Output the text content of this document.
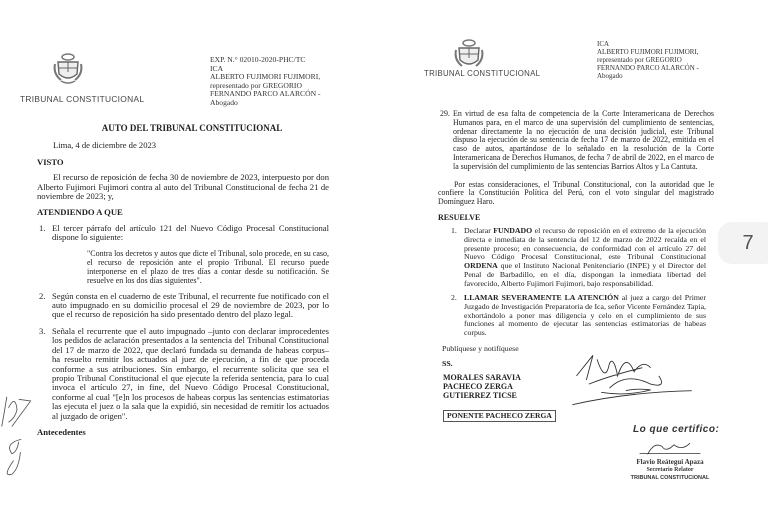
TRIBUNAL CONSTITUCIONAL
EXP. N.° 02010-2020-PHC/TC
ICA
ALBERTO FUJIMORI FUJIMORI,
representado por GREGORIO
FERNANDO PARCO ALARCÓN -
Abogado
AUTO DEL TRIBUNAL CONSTITUCIONAL
Lima, 4 de diciembre de 2023
VISTO
El recurso de reposición de fecha 30 de noviembre de 2023, interpuesto por don Alberto Fujimori Fujimori contra al auto del Tribunal Constitucional de fecha 21 de noviembre de 2023; y,
ATENDIENDO A QUE
1. El tercer párrafo del artículo 121 del Nuevo Código Procesal Constitucional dispone lo siguiente:
"Contra los decretos y autos que dicte el Tribunal, solo procede, en su caso, el recurso de reposición ante el propio Tribunal. El recurso puede interponerse en el plazo de tres días a contar desde su notificación. Se resuelve en los dos días siguientes".
2. Según consta en el cuaderno de este Tribunal, el recurrente fue notificado con el auto impugnado en su domicilio procesal el 29 de noviembre de 2023, por lo que el recurso de reposición ha sido presentado dentro del plazo legal.
3. Señala el recurrente que el auto impugnado –junto con declarar improcedentes los pedidos de aclaración presentados a la sentencia del Tribunal Constitucional del 17 de marzo de 2022, que declaró fundada su demanda de habeas corpus– ha resuelto remitir los actuados al juez de ejecución, a fin de que proceda conforme a sus atribuciones. Sin embargo, el recurrente solicita que sea el propio Tribunal Constitucional el que ejecute la referida sentencia, para lo cual invoca el artículo 27, in fine, del Nuevo Código Procesal Constitucional, conforme al cual "[e]n los procesos de habeas corpus las sentencias estimatorias las ejecuta el juez o la sala que la expidió, sin necesidad de remitir los actuados al juzgado de origen".
Antecedentes
TRIBUNAL CONSTITUCIONAL
ICA
ALBERTO FUJIMORI FUJIMORI,
representado por GREGORIO
FERNANDO PARCO ALARCÓN -
Abogado
29. En virtud de esa falta de competencia de la Corte Interamericana de Derechos Humanos para, en el marco de una supervisión del cumplimiento de sentencias, ordenar directamente la no ejecución de una decisión judicial, este Tribunal dispuso la ejecución de su sentencia de fecha 17 de marzo de 2022, emitida en el caso de autos, apartándose de lo señalado en la resolución de la Corte Interamericana de Derechos Humanos, de fecha 7 de abril de 2022, en el marco de la supervisión del cumplimiento de las sentencias Barrios Altos y La Cantuta.
Por estas consideraciones, el Tribunal Constitucional, con la autoridad que le confiere la Constitución Política del Perú, con el voto singular del magistrado Domínguez Haro.
RESUELVE
1. Declarar FUNDADO el recurso de reposición en el extremo de la ejecución directa e inmediata de la sentencia del 12 de marzo de 2022 recaída en el presente proceso; en consecuencia, de conformidad con el artículo 27 del Nuevo Código Procesal Constitucional, este Tribunal Constitucional ORDENA que el Instituto Nacional Penitenciario (INPE) y el Director del Penal de Barbadillo, en el día, dispongan la inmediata libertad del favorecido, Alberto Fujimori Fujimori, bajo responsabilidad.
2. LLAMAR SEVERAMENTE LA ATENCIÓN al juez a cargo del Primer Juzgado de Investigación Preparatoria de Ica, señor Vicente Fernández Tapia, exhortándolo a poner mas diligencia y celo en el cumplimiento de sus funciones al momento de ejecutar las sentencias estimatorias de habeas corpus.
Publíquese y notifíquese
SS.
MORALES SARAVIA
PACHECO ZERGA
GUTIERREZ TICSE
PONENTE PACHECO ZERGA
Lo que certifico:
Flavio Reátegui Apaza
Secretario Relator
TRIBUNAL CONSTITUCIONAL
7
